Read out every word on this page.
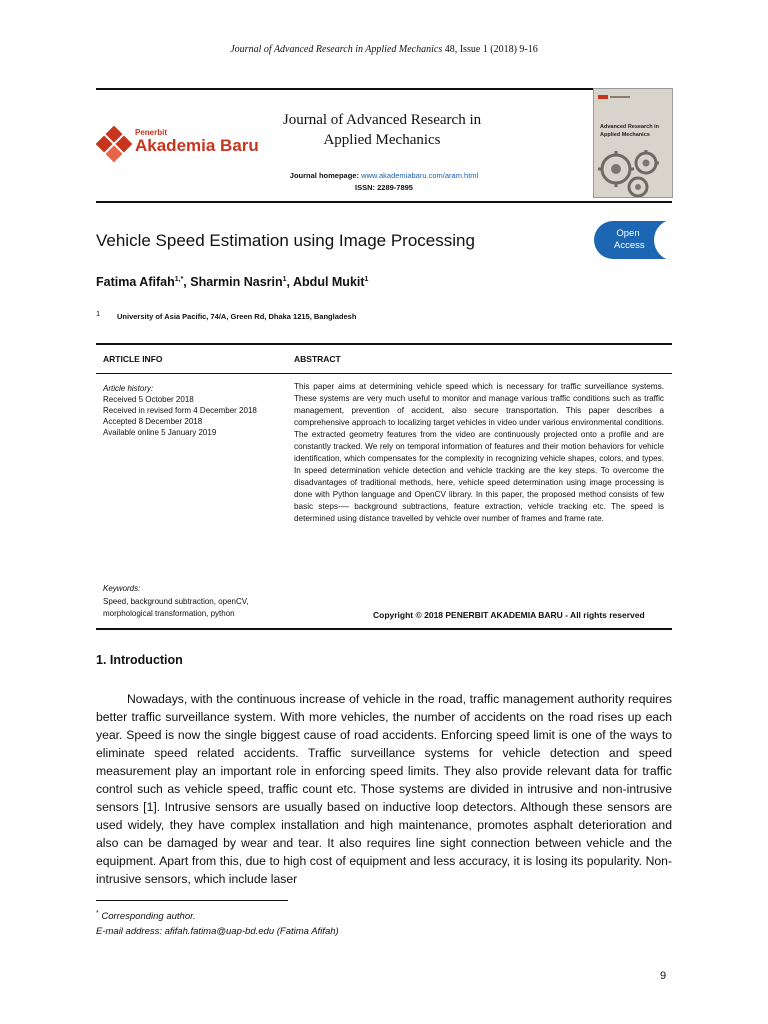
Journal of Advanced Research in Applied Mechanics 48, Issue 1 (2018) 9-16
Penerbit
Akademia Baru
Journal of Advanced Research in
Applied Mechanics
Journal homepage: www.akademiabaru.com/aram.html
ISSN: 2289-7895
Advanced Research in
Applied Mechanics
Vehicle Speed Estimation using Image Processing	Open
Access
Fatima Afifah$^{1,*}$, Sharmin Nasrin$^1$, Abdul Mukit$^1$
1 University of Asia Pacific, 74/A, Green Rd, Dhaka 1215, Bangladesh
ARTICLE INFO	ABSTRACT
Article history:
Received 5 October 2018
Received in revised form 4 December 2018
Accepted 8 December 2018
Available online 5 January 2019
Keywords:
Speed, background subtraction, openCV,
morphological transformation, python
This paper aims at determining vehicle speed which is necessary for traffic surveillance systems. These systems are very much useful to monitor and manage various traffic conditions such as traffic management, prevention of accident, also secure transportation. This paper describes a comprehensive approach to localizing target vehicles in video under various environmental conditions. The extracted geometry features from the video are continuously projected onto a profile and are constantly tracked. We rely on temporal information of features and their motion behaviors for vehicle identification, which compensates for the complexity in recognizing vehicle shapes, colors, and types. In speed determination vehicle detection and vehicle tracking are the key steps. To overcome the disadvantages of traditional methods, here, vehicle speed determination using image processing is done with Python language and OpenCV library. In this paper, the proposed method consists of few basic steps-— background subtractions, feature extraction, vehicle tracking etc. The speed is determined using distance travelled by vehicle over number of frames and frame rate.
Copyright © 2018 PENERBIT AKADEMIA BARU - All rights reserved
1. Introduction
Nowadays, with the continuous increase of vehicle in the road, traffic management authority requires better traffic surveillance system. With more vehicles, the number of accidents on the road rises up each year. Speed is now the single biggest cause of road accidents. Enforcing speed limit is one of the ways to eliminate speed related accidents. Traffic surveillance systems for vehicle detection and speed measurement play an important role in enforcing speed limits. They also provide relevant data for traffic control such as vehicle speed, traffic count etc. Those systems are divided in intrusive and non-intrusive sensors [1]. Intrusive sensors are usually based on inductive loop detectors. Although these sensors are used widely, they have complex installation and high maintenance, promotes asphalt deterioration and also can be damaged by wear and tear. It also requires line sight connection between vehicle and the equipment. Apart from this, due to high cost of equipment and less accuracy, it is losing its popularity. Non-intrusive sensors, which include laser
* Corresponding author.
E-mail address: afifah.fatima@uap-bd.edu (Fatima Afifah)
9
